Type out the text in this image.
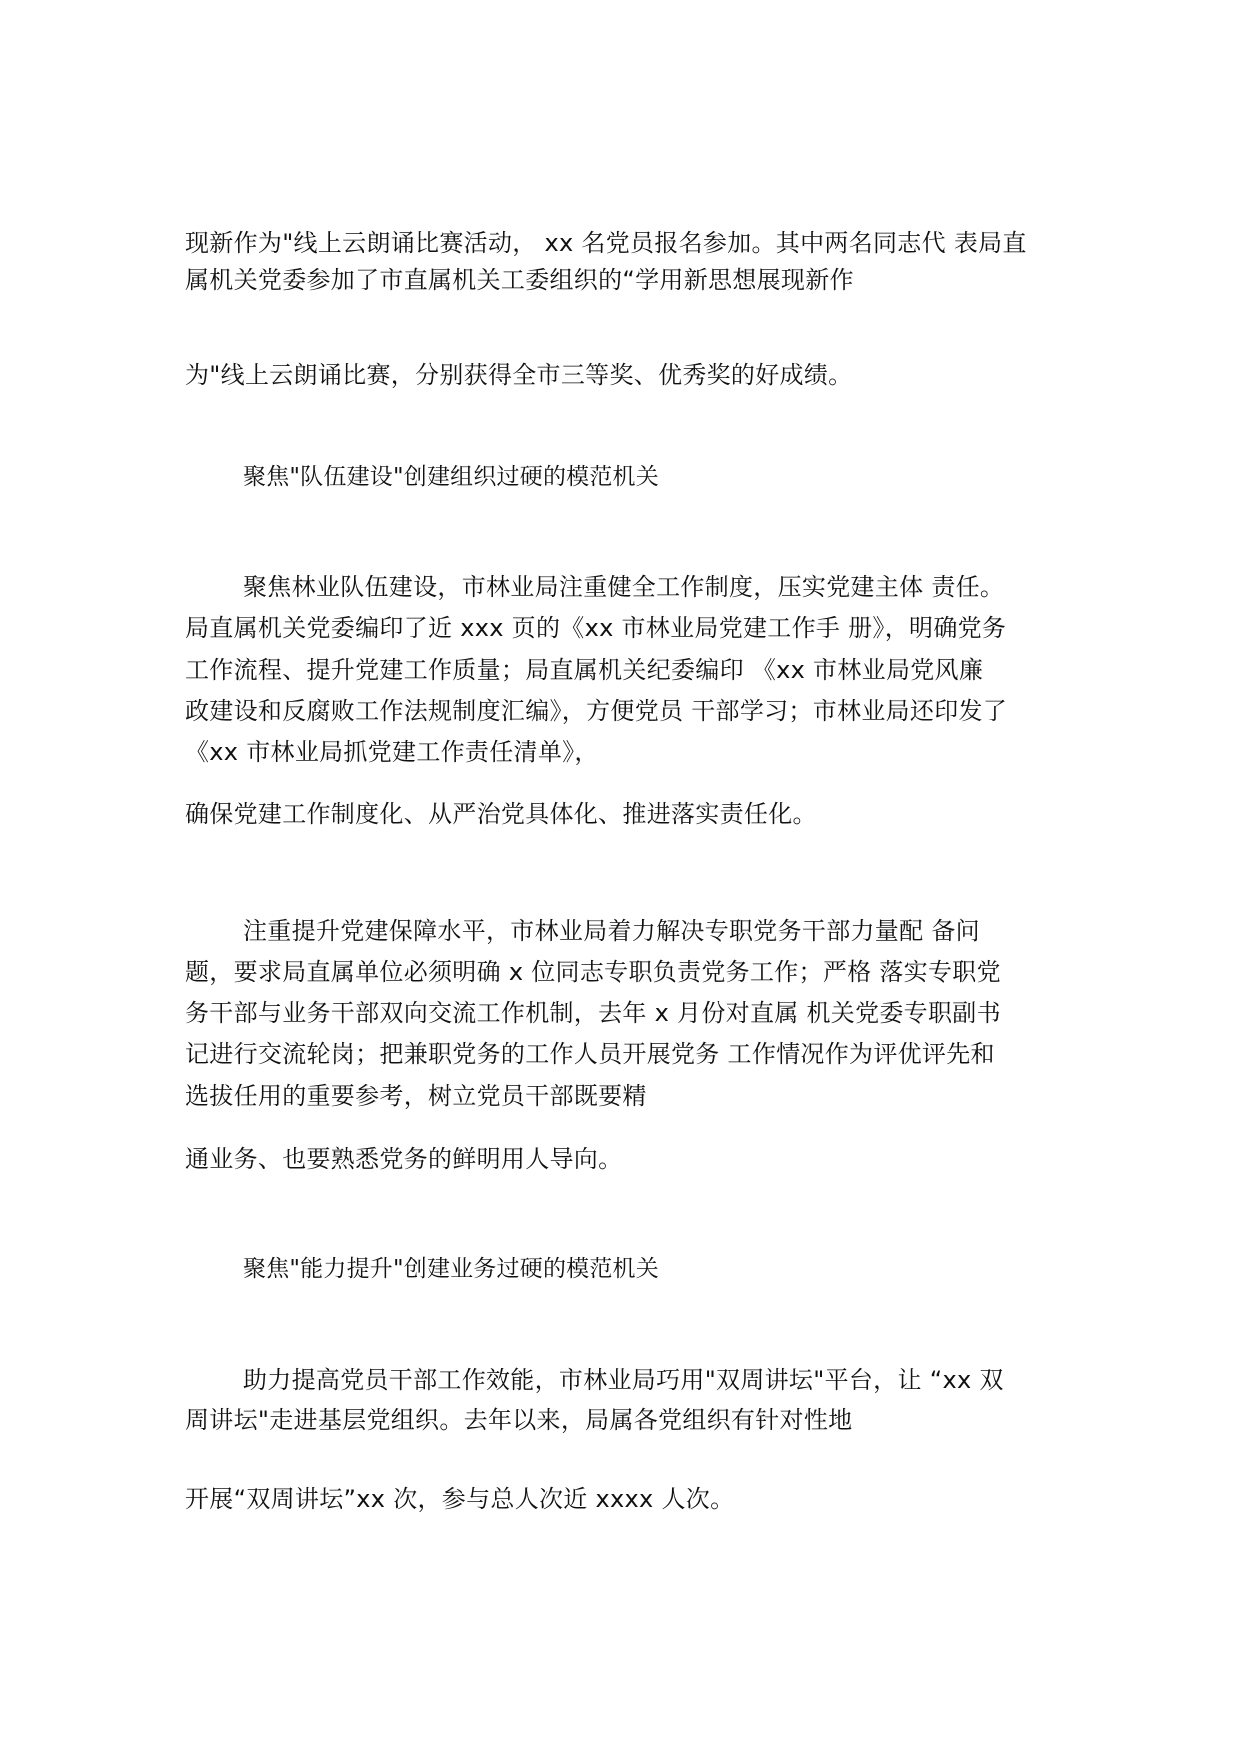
现新作为"线上云朗诵比赛活动， xx 名党员报名参加。其中两名同志代 表局直
属机关党委参加了市直属机关工委组织的“学用新思想展现新作
为"线上云朗诵比赛，分别获得全市三等奖、优秀奖的好成绩。
聚焦"队伍建设"创建组织过硬的模范机关
聚焦林业队伍建设，市林业局注重健全工作制度，压实党建主体 责任。
局直属机关党委编印了近 xxx 页的《xx 市林业局党建工作手 册》，明确党务
工作流程、提升党建工作质量；局直属机关纪委编印 《xx 市林业局党风廉
政建设和反腐败工作法规制度汇编》，方便党员 干部学习；市林业局还印发了
《xx 市林业局抓党建工作责任清单》，
确保党建工作制度化、从严治党具体化、推进落实责任化。
注重提升党建保障水平，市林业局着力解决专职党务干部力量配 备问
题，要求局直属单位必须明确 x 位同志专职负责党务工作；严格 落实专职党
务干部与业务干部双向交流工作机制，去年 x 月份对直属 机关党委专职副书
记进行交流轮岗；把兼职党务的工作人员开展党务 工作情况作为评优评先和
选拔任用的重要参考，树立党员干部既要精
通业务、也要熟悉党务的鲜明用人导向。
聚焦"能力提升"创建业务过硬的模范机关
助力提高党员干部工作效能，市林业局巧用"双周讲坛"平台，让 “xx 双
周讲坛"走进基层党组织。去年以来，局属各党组织有针对性地
开展“双周讲坛”xx 次，参与总人次近 xxxx 人次。
